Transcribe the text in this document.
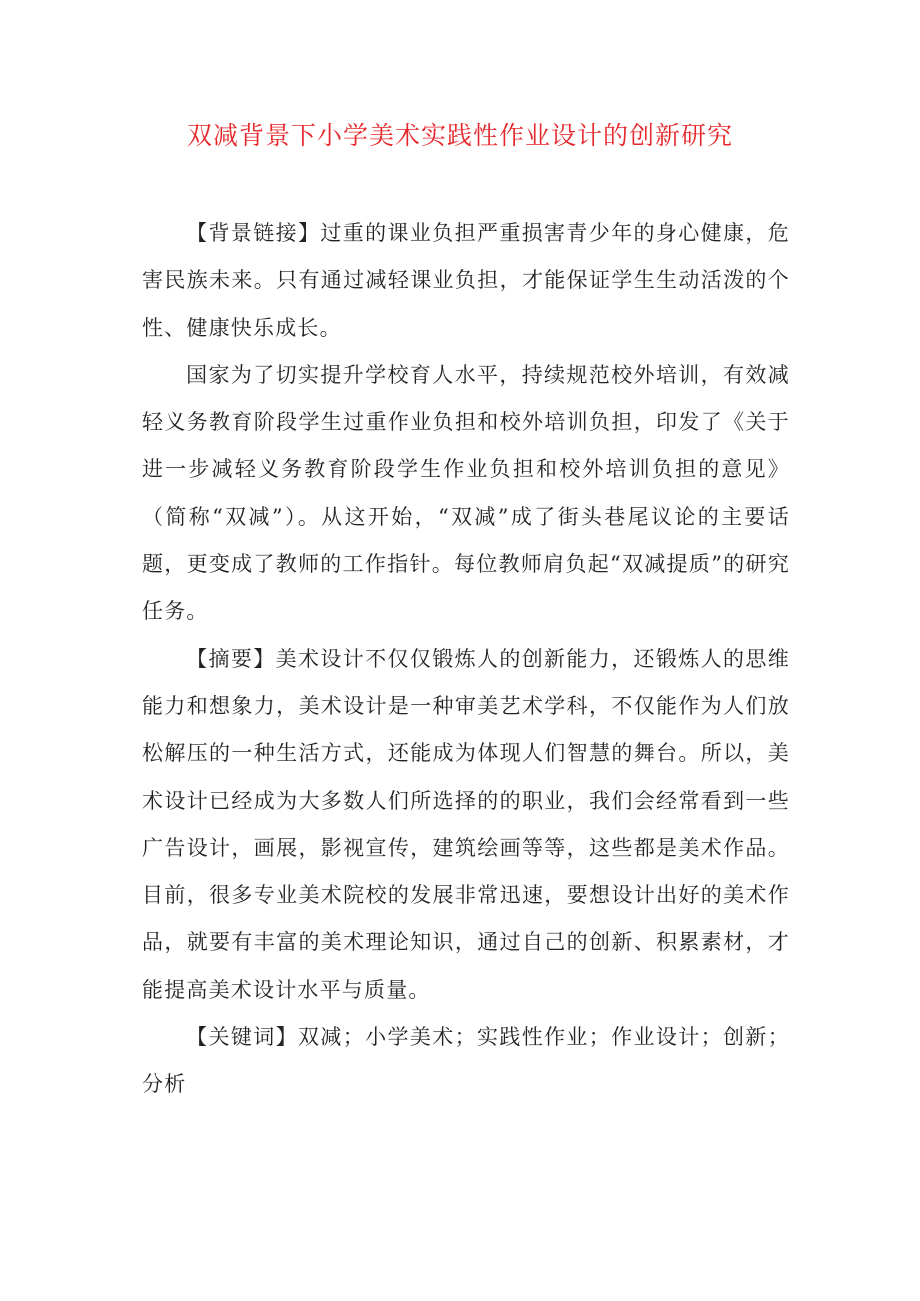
双减背景下小学美术实践性作业设计的创新研究

【背景链接】过重的课业负担严重损害青少年的身心健康，危害民族未来。只有通过减轻课业负担，才能保证学生生动活泼的个性、健康快乐成长。

国家为了切实提升学校育人水平，持续规范校外培训，有效减轻义务教育阶段学生过重作业负担和校外培训负担，印发了《关于进一步减轻义务教育阶段学生作业负担和校外培训负担的意见》（简称“双减”）。从这开始，“双减”成了街头巷尾议论的主要话题，更变成了教师的工作指针。每位教师肩负起“双减提质”的研究任务。

【摘要】美术设计不仅仅锻炼人的创新能力，还锻炼人的思维能力和想象力，美术设计是一种审美艺术学科，不仅能作为人们放松解压的一种生活方式，还能成为体现人们智慧的舞台。所以，美术设计已经成为大多数人们所选择的的职业，我们会经常看到一些广告设计，画展，影视宣传，建筑绘画等等，这些都是美术作品。目前，很多专业美术院校的发展非常迅速，要想设计出好的美术作品，就要有丰富的美术理论知识，通过自己的创新、积累素材，才能提高美术设计水平与质量。

【关键词】双减；小学美术；实践性作业；作业设计；创新；分析
